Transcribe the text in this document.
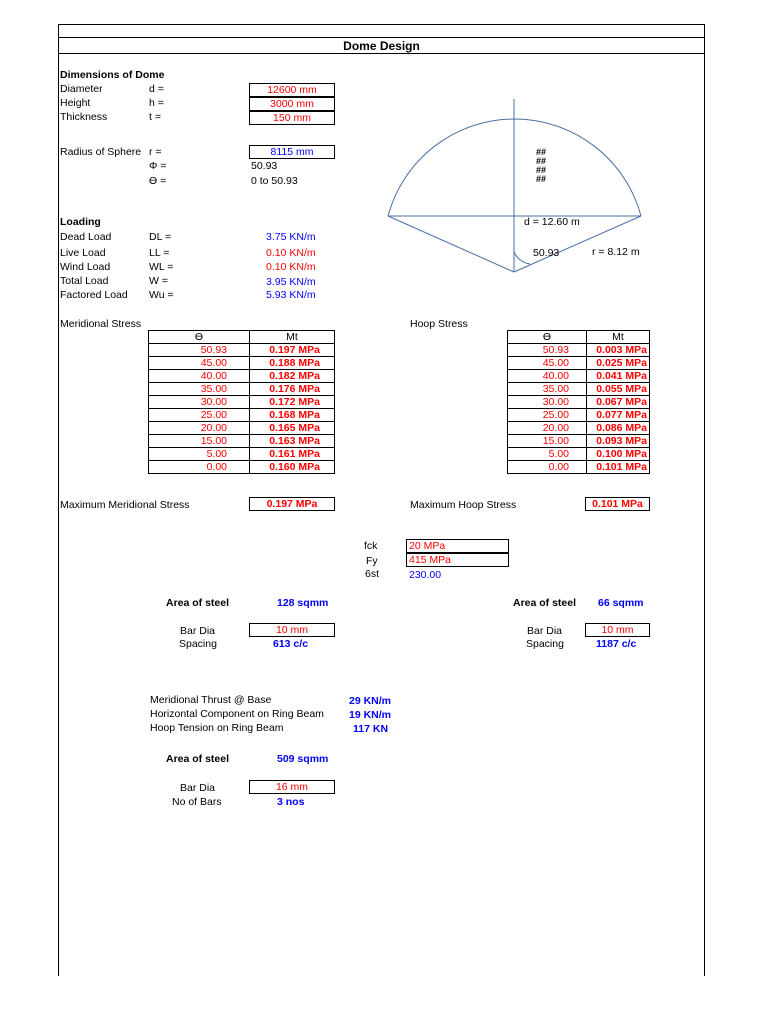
Dome Design
Dimensions of Dome
Diameter	d =	12600 mm
Height	h =	3000 mm
Thickness	t =	150 mm
Radius of Sphere r =	8115 mm
Φ =	50.93
ϴ =	0 to 50.93
Loading
Dead Load	DL =	3.75 KN/m
Live Load	LL =	0.10 KN/m
Wind Load	WL =	0.10 KN/m
Total Load	W =	3.95 KN/m
Factored Load Wu =	5.93 KN/m
########
d = 12.60 m
50.93	r = 8.12 m
Meridional Stress
ϴ	Mt
50.93	0.197 MPa
45.00	0.188 MPa
40.00	0.182 MPa
35.00	0.176 MPa
30.00	0.172 MPa
25.00	0.168 MPa
20.00	0.165 MPa
15.00	0.163 MPa
5.00	0.161 MPa
0.00	0.160 MPa
Hoop Stress
ϴ	Mt
50.93	0.003 MPa
45.00	0.025 MPa
40.00	0.041 MPa
35.00	0.055 MPa
30.00	0.067 MPa
25.00	0.077 MPa
20.00	0.086 MPa
15.00	0.093 MPa
5.00	0.100 MPa
0.00	0.101 MPa
Maximum Meridional Stress	0.197 MPa	Maximum Hoop Stress	0.101 MPa
fck	20 MPa
Fy	415 MPa
6st	230.00
Area of steel	128 sqmm
Bar Dia	10 mm
Spacing	613 c/c
Area of steel 66 sqmm
Bar Dia	10 mm
Spacing	1187 c/c
Meridional Thrust @ Base	29 KN/m
Horizontal Component on Ring Beam 19 KN/m
Hoop Tension on Ring Beam	117 KN
Area of steel	509 sqmm
Bar Dia	16 mm
No of Bars	3 nos
